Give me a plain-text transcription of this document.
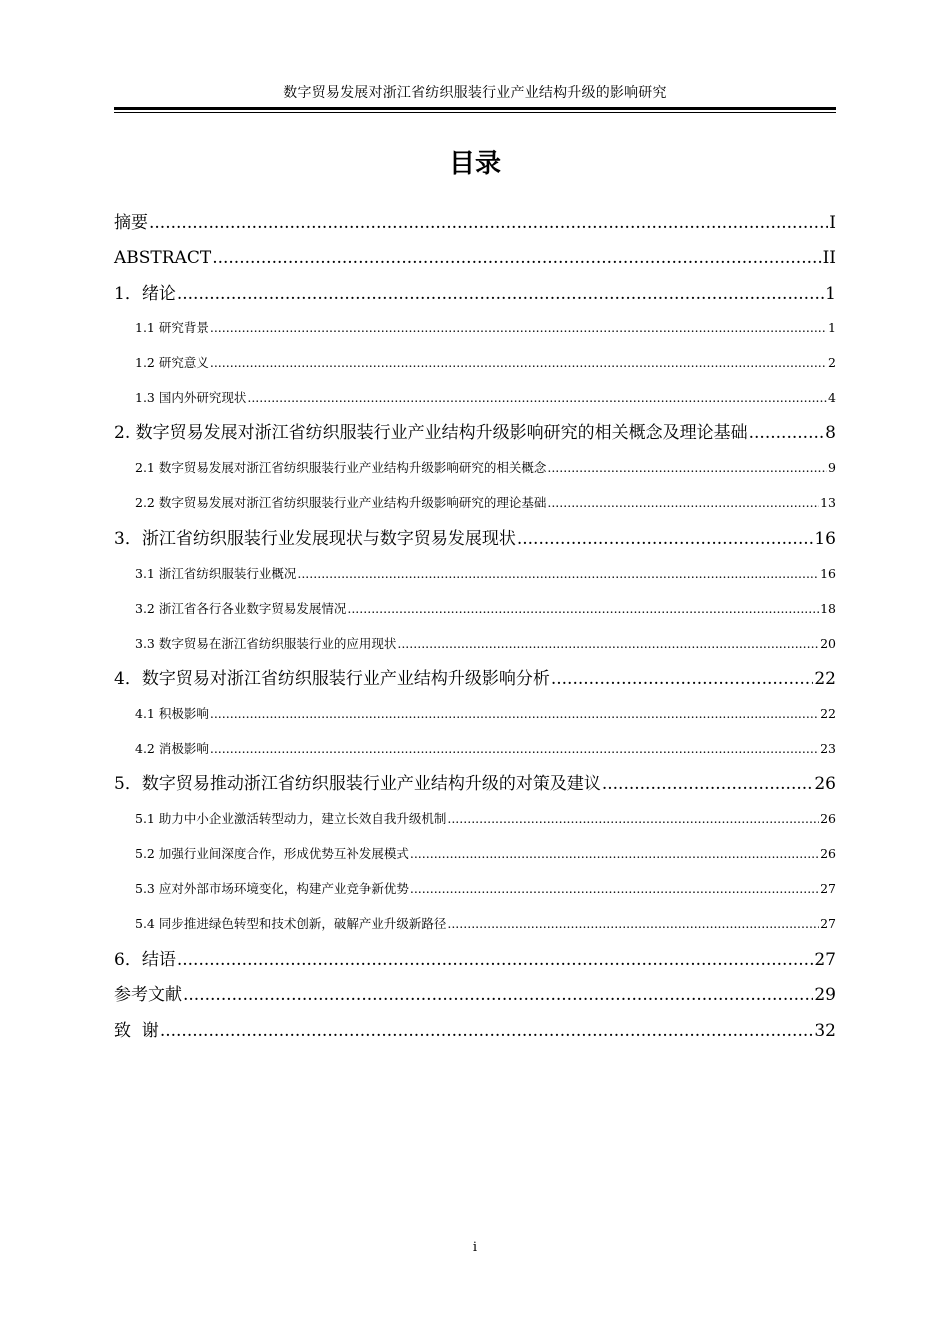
数字贸易发展对浙江省纺织服装行业产业结构升级的影响研究
目录
摘要 .....	I
ABSTRACT .....	II
1．绪论 .....	1
1.1 研究背景 .....	1
1.2 研究意义 .....	2
1.3 国内外研究现状 .....	4
2. 数字贸易发展对浙江省纺织服装行业产业结构升级影响研究的相关概念及理论基础 .....	8
2.1 数字贸易发展对浙江省纺织服装行业产业结构升级影响研究的相关概念 .....	9
2.2 数字贸易发展对浙江省纺织服装行业产业结构升级影响研究的理论基础 .....	13
3．浙江省纺织服装行业发展现状与数字贸易发展现状 .....	16
3.1 浙江省纺织服装行业概况 .....	16
3.2 浙江省各行各业数字贸易发展情况 .....	18
3.3 数字贸易在浙江省纺织服装行业的应用现状 .....	20
4．数字贸易对浙江省纺织服装行业产业结构升级影响分析 .....	22
4.1 积极影响 .....	22
4.2 消极影响 .....	23
5．数字贸易推动浙江省纺织服装行业产业结构升级的对策及建议 .....	26
5.1 助力中小企业激活转型动力，建立长效自我升级机制 .....	26
5.2 加强行业间深度合作，形成优势互补发展模式 .....	26
5.3 应对外部市场环境变化，构建产业竞争新优势 .....	27
5.4 同步推进绿色转型和技术创新，破解产业升级新路径 .....	27
6．结语 .....	27
参考文献 .....	29
致  谢 .....	32
i
